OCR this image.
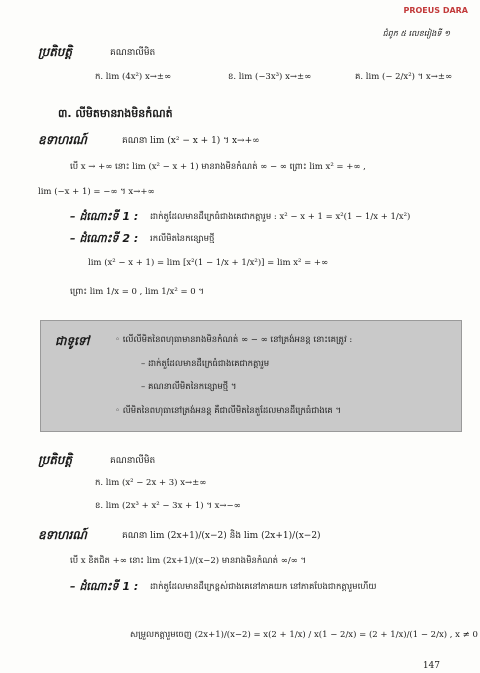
PROEUS DARA
ជំពូក ៥ លេខរៀងទី ១
ប្រតិបត្តិ	គណនាលីមិត
ក. lim (4x²) x→±∞	ខ. lim (−3x³) x→±∞	គ. lim (− 2/x²) ។ x→±∞
៣. លីមិតមានរាងមិនកំណត់
ឧទាហរណ៍	គណនា lim (x² − x + 1) ។ x→+∞
បើ x → +∞ នោះ lim (x² − x + 1) មានរាងមិនកំណត់ ∞ − ∞ ព្រោះ lim x² = +∞ ,
lim (−x + 1) = −∞ ។ x→+∞
– ដំណោះទី 1 : ដាក់តួដែលមានដឺក្រេធំជាងគេជាកត្តារួម : x² − x + 1 = x²(1 − 1/x + 1/x²)
– ដំណោះទី 2 : រកលីមិតនៃកន្សោមថ្មី
lim (x² − x + 1) = lim [x²(1 − 1/x + 1/x²)] = lim x² = +∞
ព្រោះ lim 1/x = 0 , lim 1/x² = 0 ។
ជាទូទៅ	◦ លើលីមិតនៃពហុធាមានរាងមិនកំណត់ ∞ − ∞ នៅត្រង់អនន្ត នោះគេត្រូវ :
– ដាក់តួដែលមានដឺក្រេធំជាងគេជាកត្តារួម
– គណនាលីមិតនៃកន្សោមថ្មី ។
◦ លីមិតនៃពហុធានៅត្រង់អនន្ត គឺជាលីមិតនៃតួដែលមានដឺក្រេធំជាងគេ ។
ប្រតិបត្តិ	គណនាលីមិត
ក. lim (x² − 2x + 3) x→±∞
ខ. lim (2x³ + x² − 3x + 1) ។ x→−∞
ឧទាហរណ៍	គណនា lim (2x+1)/(x−2) និង lim (2x+1)/(x−2)
បើ x ខិតជិត +∞ នោះ lim (2x+1)/(x−2) មានរាងមិនកំណត់ ∞/∞ ។
– ដំណោះទី 1 : ដាក់តួដែលមានដឺក្រេខ្ពស់ជាងគេនៅភាគយក នៅភាគបែងជាកត្តារួមហើយ
សម្រួលកត្តារួមចេញ (2x+1)/(x−2) = x(2 + 1/x) / x(1 − 2/x) = (2 + 1/x)/(1 − 2/x) , x ≠ 0
147
